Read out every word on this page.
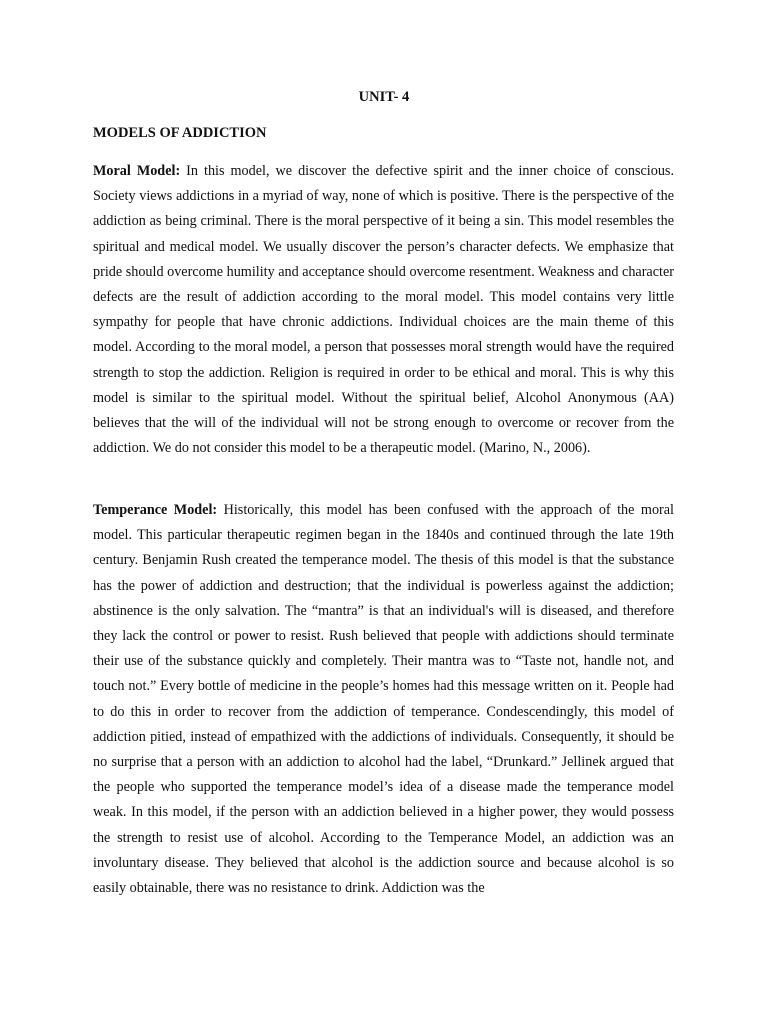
UNIT- 4
MODELS OF ADDICTION

Moral Model: In this model, we discover the defective spirit and the inner choice of conscious. Society views addictions in a myriad of way, none of which is positive. There is the perspective of the addiction as being criminal. There is the moral perspective of it being a sin. This model resembles the spiritual and medical model. We usually discover the person’s character defects. We emphasize that pride should overcome humility and acceptance should overcome resentment. Weakness and character defects are the result of addiction according to the moral model. This model contains very little sympathy for people that have chronic addictions. Individual choices are the main theme of this model. According to the moral model, a person that possesses moral strength would have the required strength to stop the addiction. Religion is required in order to be ethical and moral. This is why this model is similar to the spiritual model. Without the spiritual belief, Alcohol Anonymous (AA) believes that the will of the individual will not be strong enough to overcome or recover from the addiction. We do not consider this model to be a therapeutic model. (Marino, N., 2006).

Temperance Model: Historically, this model has been confused with the approach of the moral model. This particular therapeutic regimen began in the 1840s and continued through the late 19th century. Benjamin Rush created the temperance model. The thesis of this model is that the substance has the power of addiction and destruction; that the individual is powerless against the addiction; abstinence is the only salvation. The “mantra” is that an individual's will is diseased, and therefore they lack the control or power to resist. Rush believed that people with addictions should terminate their use of the substance quickly and completely. Their mantra was to “Taste not, handle not, and touch not.” Every bottle of medicine in the people’s homes had this message written on it. People had to do this in order to recover from the addiction of temperance. Condescendingly, this model of addiction pitied, instead of empathized with the addictions of individuals. Consequently, it should be no surprise that a person with an addiction to alcohol had the label, “Drunkard.” Jellinek argued that the people who supported the temperance model’s idea of a disease made the temperance model weak. In this model, if the person with an addiction believed in a higher power, they would possess the strength to resist use of alcohol. According to the Temperance Model, an addiction was an involuntary disease. They believed that alcohol is the addiction source and because alcohol is so easily obtainable, there was no resistance to drink. Addiction was the
